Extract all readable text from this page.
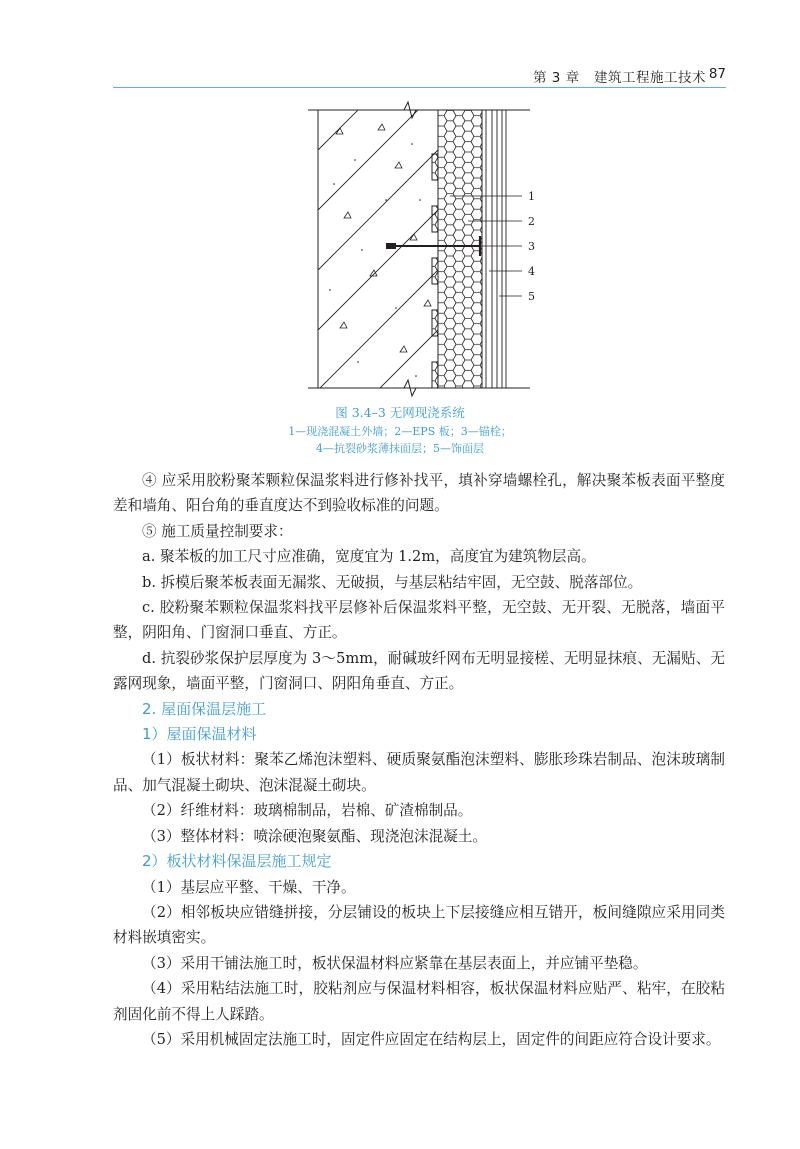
第 3 章   建筑工程施工技术 87
1
2
3
4
5
图 3.4–3 无网现浇系统
1—现浇混凝土外墙；2—EPS 板；3—锚栓；
4—抗裂砂浆薄抹面层；5—饰面层

④ 应采用胶粉聚苯颗粒保温浆料进行修补找平，填补穿墙螺栓孔，解决聚苯板表面平整度差和墙角、阳台角的垂直度达不到验收标准的问题。

⑤ 施工质量控制要求：

a. 聚苯板的加工尺寸应准确，宽度宜为 1.2m，高度宜为建筑物层高。

b. 拆模后聚苯板表面无漏浆、无破损，与基层粘结牢固，无空鼓、脱落部位。

c. 胶粉聚苯颗粒保温浆料找平层修补后保温浆料平整，无空鼓、无开裂、无脱落，墙面平整，阴阳角、门窗洞口垂直、方正。

d. 抗裂砂浆保护层厚度为 3～5mm，耐碱玻纤网布无明显接槎、无明显抹痕、无漏贴、无露网现象，墙面平整，门窗洞口、阴阳角垂直、方正。

2. 屋面保温层施工

1）屋面保温材料

（1）板状材料：聚苯乙烯泡沫塑料、硬质聚氨酯泡沫塑料、膨胀珍珠岩制品、泡沫玻璃制品、加气混凝土砌块、泡沫混凝土砌块。

（2）纤维材料：玻璃棉制品，岩棉、矿渣棉制品。

（3）整体材料：喷涂硬泡聚氨酯、现浇泡沫混凝土。

2）板状材料保温层施工规定

（1）基层应平整、干燥、干净。

（2）相邻板块应错缝拼接，分层铺设的板块上下层接缝应相互错开，板间缝隙应采用同类材料嵌填密实。

（3）采用干铺法施工时，板状保温材料应紧靠在基层表面上，并应铺平垫稳。

（4）采用粘结法施工时，胶粘剂应与保温材料相容，板状保温材料应贴严、粘牢，在胶粘剂固化前不得上人踩踏。

（5）采用机械固定法施工时，固定件应固定在结构层上，固定件的间距应符合设计要求。
